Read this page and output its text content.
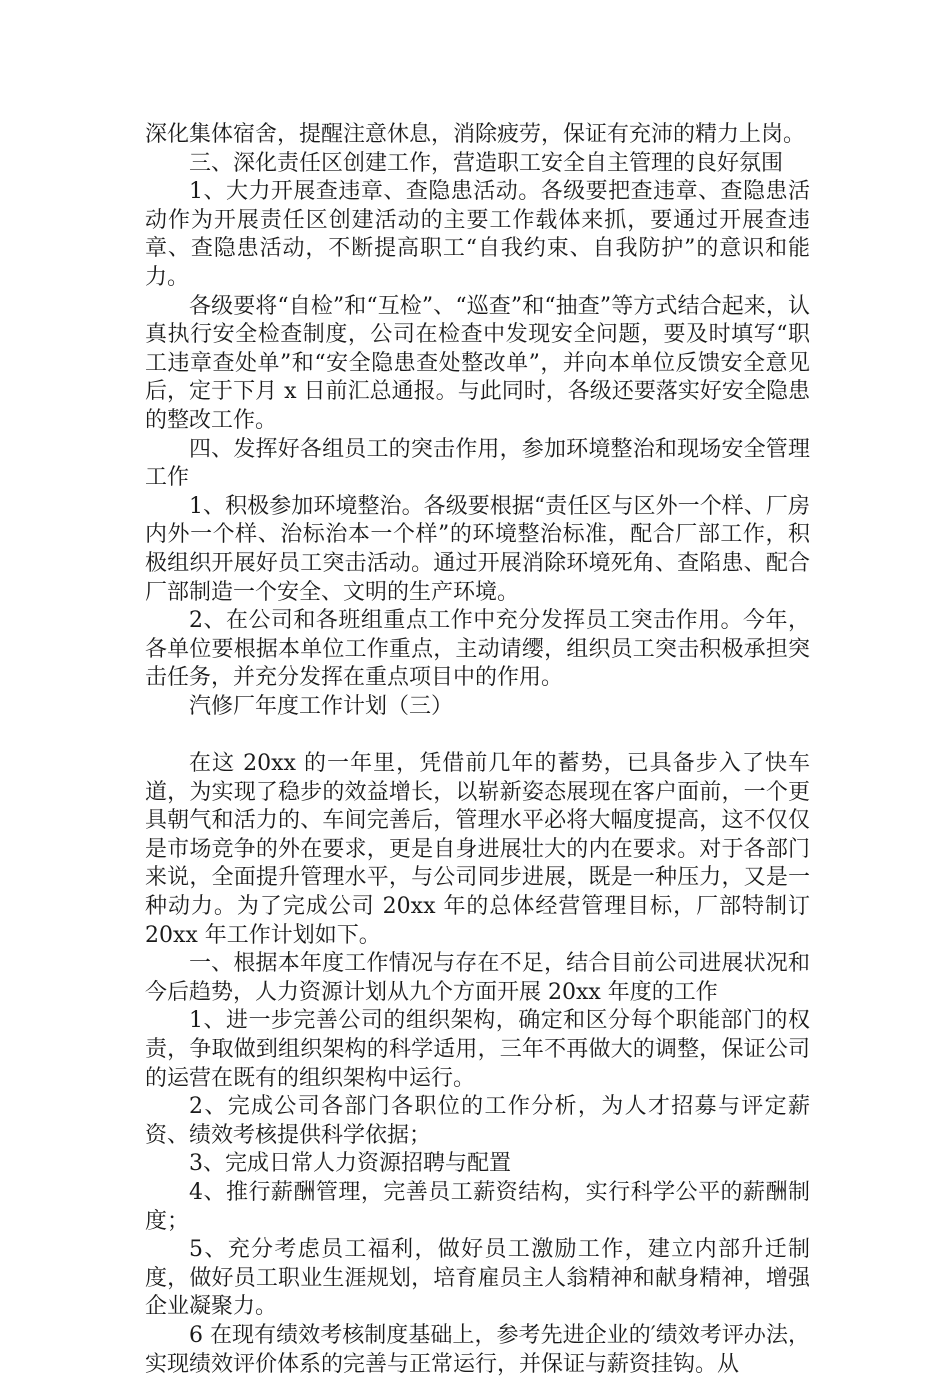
深化集体宿舍，提醒注意休息，消除疲劳，保证有充沛的精力上岗。

三、深化责任区创建工作，营造职工安全自主管理的良好氛围

1、大力开展查违章、查隐患活动。各级要把查违章、查隐患活动作为开展责任区创建活动的主要工作载体来抓，要通过开展查违章、查隐患活动，不断提高职工“自我约束、自我防护”的意识和能力。

各级要将“自检”和“互检”、“巡查”和“抽查”等方式结合起来，认真执行安全检查制度，公司在检查中发现安全问题，要及时填写“职工违章查处单”和“安全隐患查处整改单”，并向本单位反馈安全意见后，定于下月 x 日前汇总通报。与此同时，各级还要落实好安全隐患的整改工作。

四、发挥好各组员工的突击作用，参加环境整治和现场安全管理工作

1、积极参加环境整治。各级要根据“责任区与区外一个样、厂房内外一个样、治标治本一个样”的环境整治标准，配合厂部工作，积极组织开展好员工突击活动。通过开展消除环境死角、查陷患、配合厂部制造一个安全、文明的生产环境。

2、在公司和各班组重点工作中充分发挥员工突击作用。今年，各单位要根据本单位工作重点，主动请缨，组织员工突击积极承担突击任务，并充分发挥在重点项目中的作用。

汽修厂年度工作计划（三）

在这 20xx 的一年里，凭借前几年的蓄势，已具备步入了快车道，为实现了稳步的效益增长，以崭新姿态展现在客户面前，一个更具朝气和活力的、车间完善后，管理水平必将大幅度提高，这不仅仅是市场竞争的外在要求，更是自身进展壮大的内在要求。对于各部门来说，全面提升管理水平，与公司同步进展，既是一种压力，又是一种动力。为了完成公司 20xx 年的总体经营管理目标，厂部特制订 20xx 年工作计划如下。

一、根据本年度工作情况与存在不足，结合目前公司进展状况和今后趋势，人力资源计划从九个方面开展 20xx 年度的工作

1、进一步完善公司的组织架构，确定和区分每个职能部门的权责，争取做到组织架构的科学适用，三年不再做大的调整，保证公司的运营在既有的组织架构中运行。

2、完成公司各部门各职位的工作分析，为人才招募与评定薪资、绩效考核提供科学依据；

3、完成日常人力资源招聘与配置

4、推行薪酬管理，完善员工薪资结构，实行科学公平的薪酬制度；

5、充分考虑员工福利，做好员工激励工作，建立内部升迁制度，做好员工职业生涯规划，培育雇员主人翁精神和献身精神，增强企业凝聚力。

6 在现有绩效考核制度基础上，参考先进企业的′绩效考评办法，实现绩效评价体系的完善与正常运行，并保证与薪资挂钩。从
